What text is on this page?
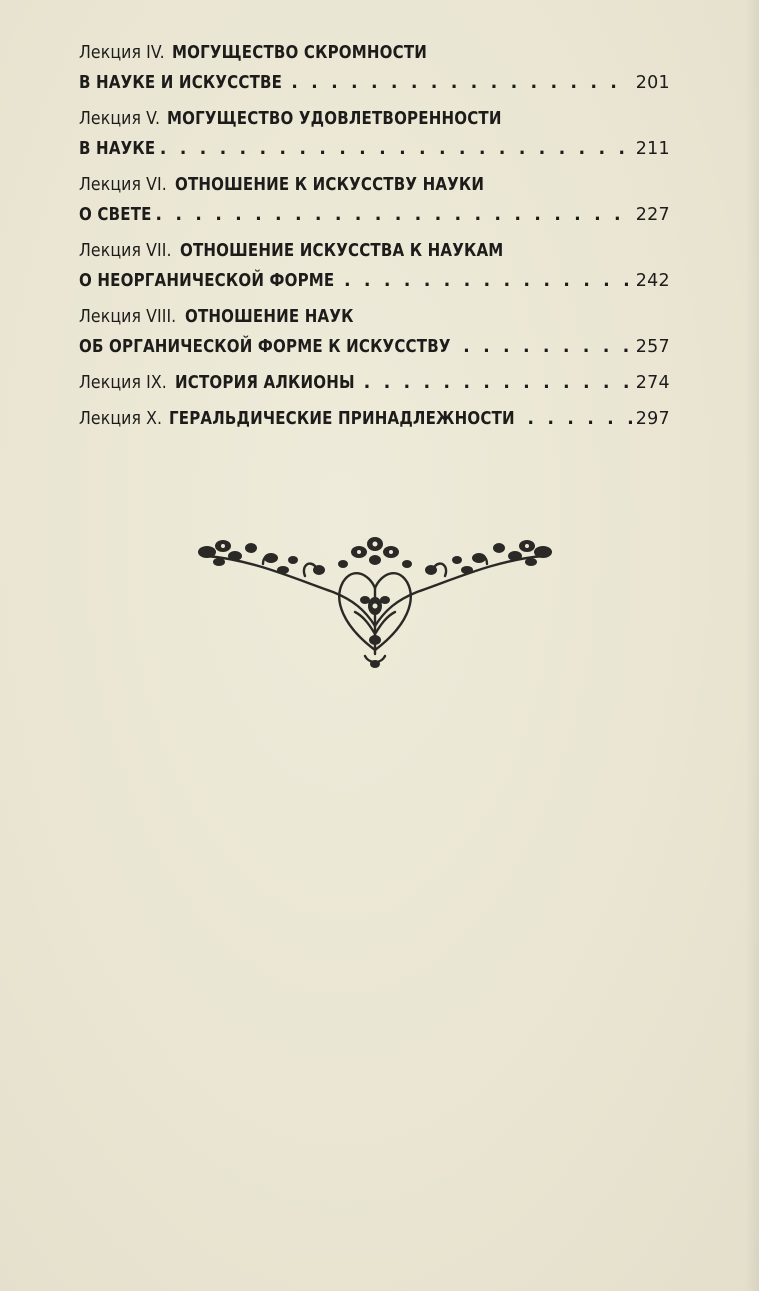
Лекция IV. МОГУЩЕСТВО СКРОМНОСТИ
В НАУКЕ И ИСКУССТВЕ . . .	201
Лекция V. МОГУЩЕСТВО УДОВЛЕТВОРЕННОСТИ
В НАУКЕ . . .	211
Лекция VI. ОТНОШЕНИЕ К ИСКУССТВУ НАУКИ
О СВЕТЕ . . .	227
Лекция VII. ОТНОШЕНИЕ ИСКУССТВА К НАУКАМ
О НЕОРГАНИЧЕСКОЙ ФОРМЕ . . .	242
Лекция VIII. ОТНОШЕНИЕ НАУК
ОБ ОРГАНИЧЕСКОЙ ФОРМЕ К ИСКУССТВУ . . .	257
Лекция IX. ИСТОРИЯ АЛКИОНЫ . . .	274
Лекция X. ГЕРАЛЬДИЧЕСКИЕ ПРИНАДЛЕЖНОСТИ . . .	297
